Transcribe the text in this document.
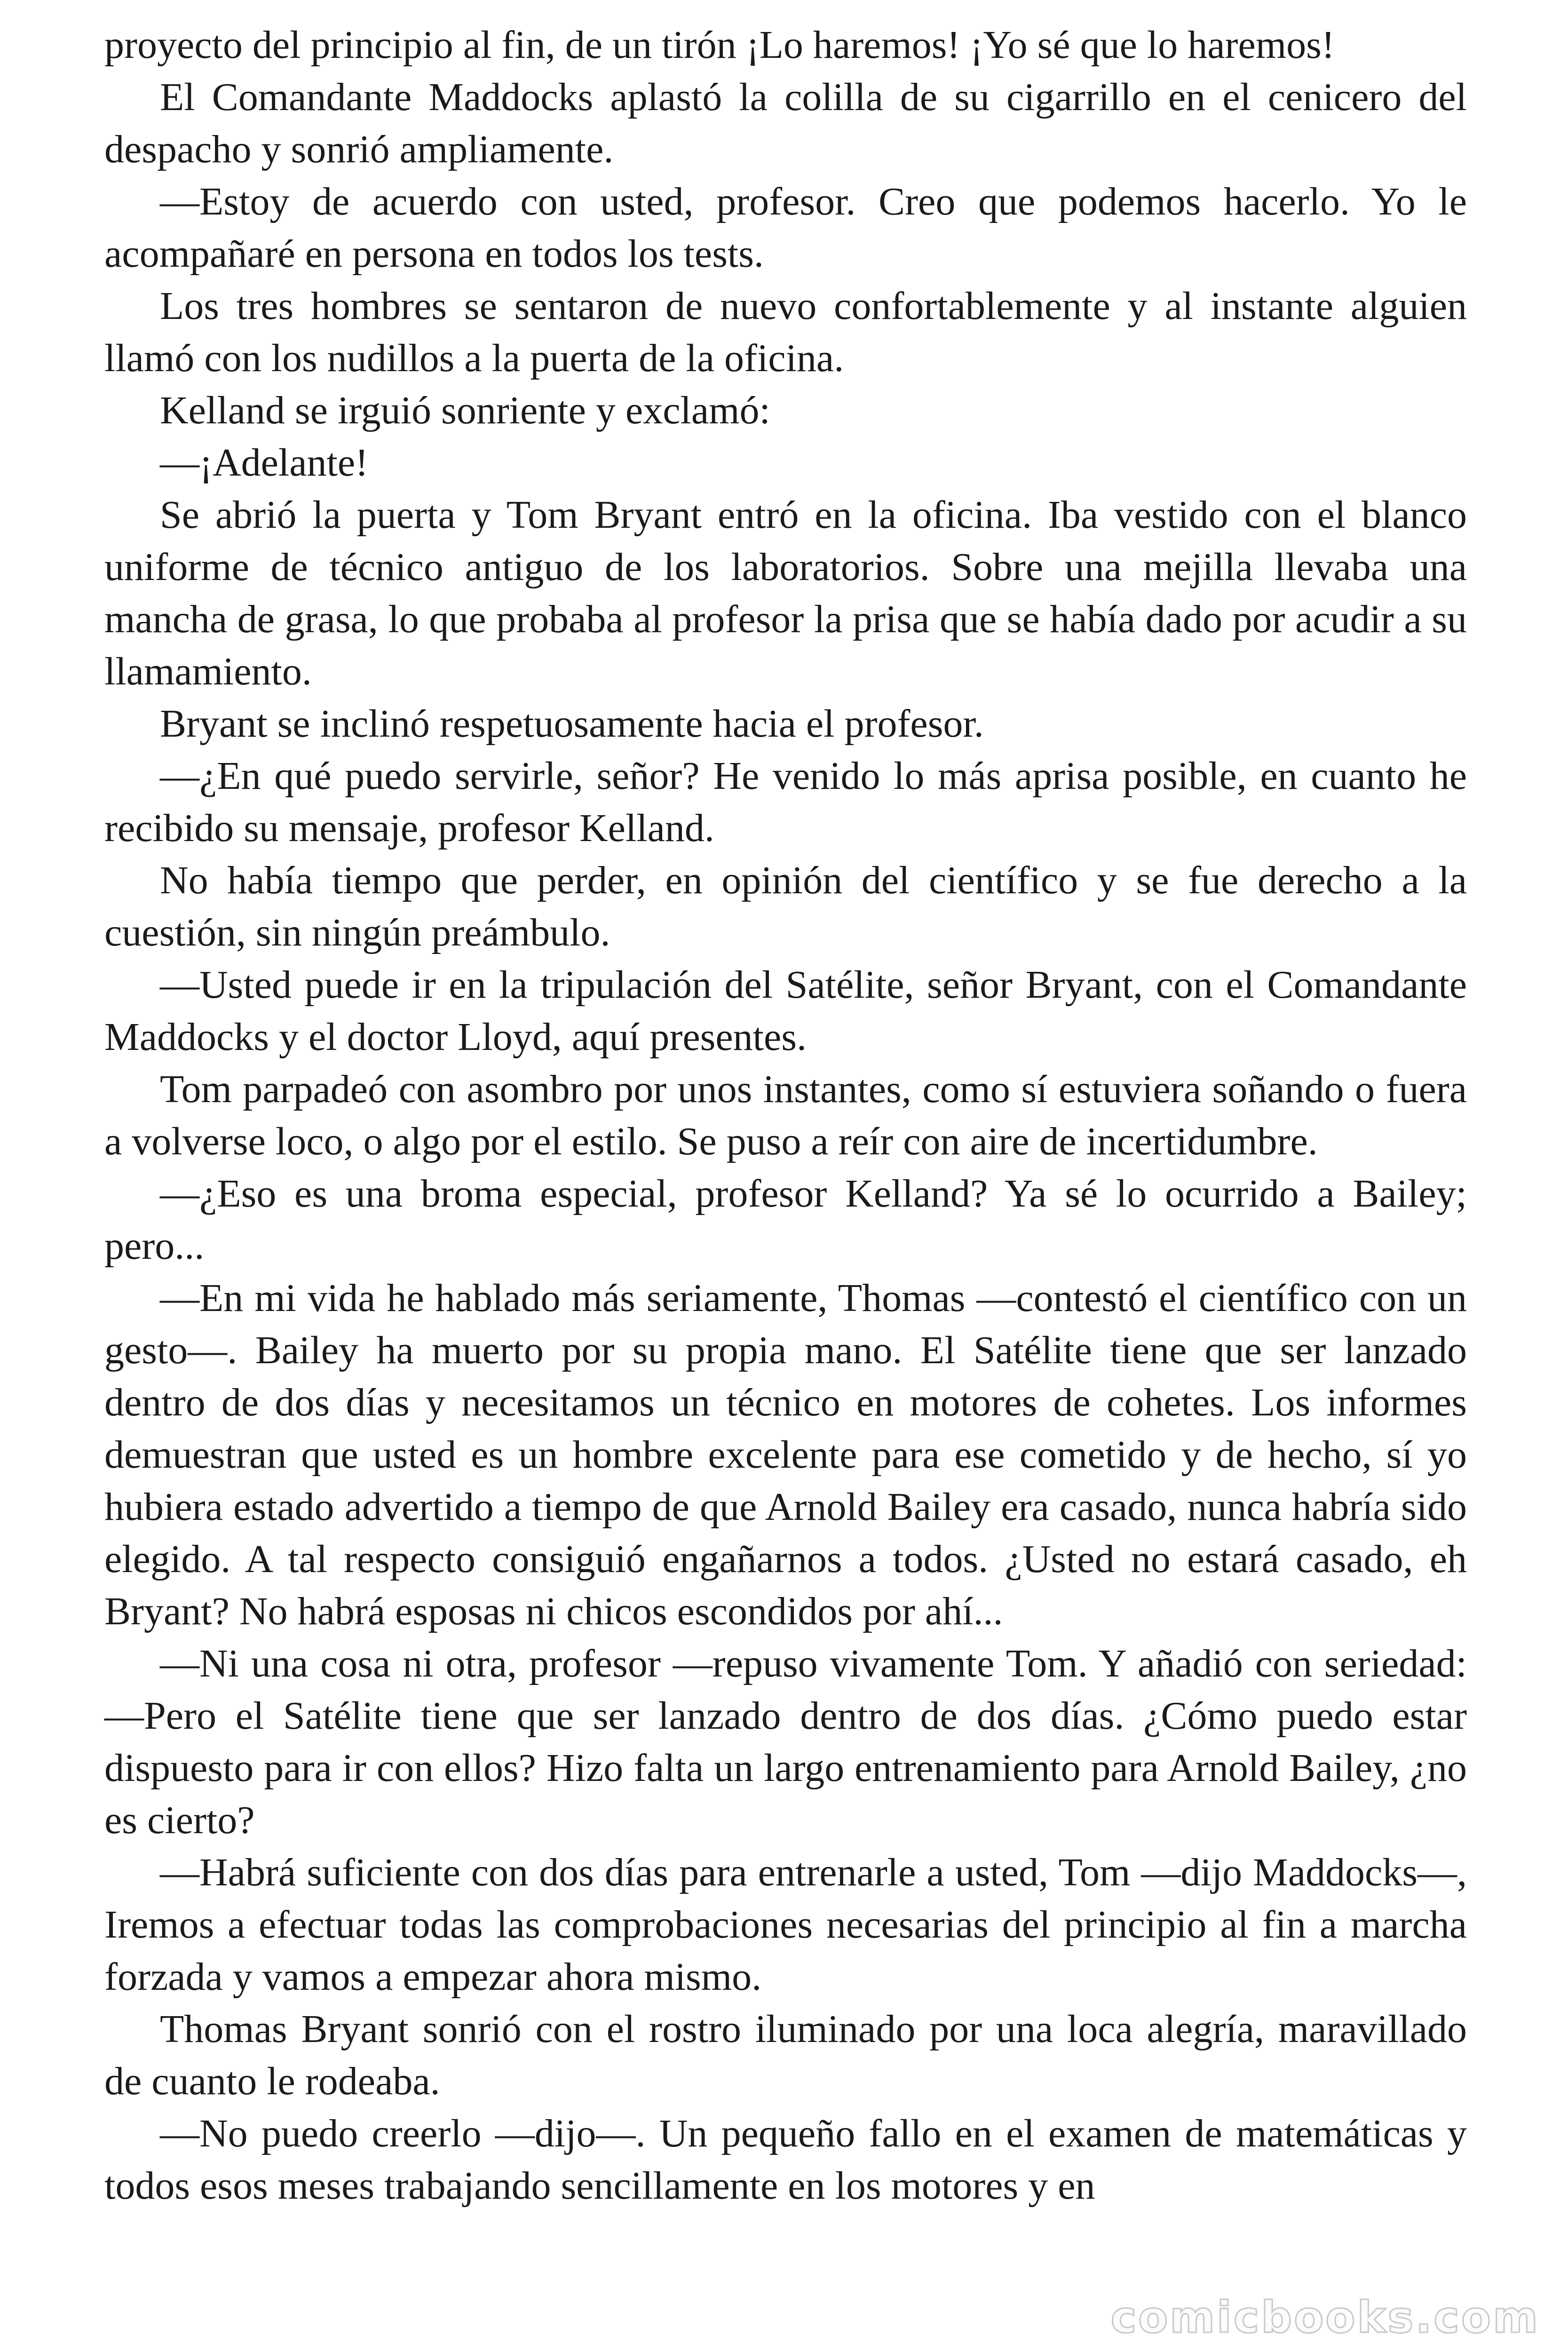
proyecto del principio al fin, de un tirón ¡Lo haremos! ¡Yo sé que lo haremos!

El Comandante Maddocks aplastó la colilla de su cigarrillo en el cenicero del despacho y sonrió ampliamente.

—Estoy de acuerdo con usted, profesor. Creo que podemos hacerlo. Yo le acompañaré en persona en todos los tests.

Los tres hombres se sentaron de nuevo confortablemente y al instante alguien llamó con los nudillos a la puerta de la oficina.

Kelland se irguió sonriente y exclamó:

—¡Adelante!

Se abrió la puerta y Tom Bryant entró en la oficina. Iba vestido con el blanco uniforme de técnico antiguo de los laboratorios. Sobre una mejilla llevaba una mancha de grasa, lo que probaba al profesor la prisa que se había dado por acudir a su llamamiento.

Bryant se inclinó respetuosamente hacia el profesor.

—¿En qué puedo servirle, señor? He venido lo más aprisa posible, en cuanto he recibido su mensaje, profesor Kelland.

No había tiempo que perder, en opinión del científico y se fue derecho a la cuestión, sin ningún preámbulo.

—Usted puede ir en la tripulación del Satélite, señor Bryant, con el Comandante Maddocks y el doctor Lloyd, aquí presentes.

Tom parpadeó con asombro por unos instantes, como sí estuviera soñando o fuera a volverse loco, o algo por el estilo. Se puso a reír con aire de incertidumbre.

—¿Eso es una broma especial, profesor Kelland? Ya sé lo ocurrido a Bailey; pero...

—En mi vida he hablado más seriamente, Thomas —contestó el científico con un gesto—. Bailey ha muerto por su propia mano. El Satélite tiene que ser lanzado dentro de dos días y necesitamos un técnico en motores de cohetes. Los informes demuestran que usted es un hombre excelente para ese cometido y de hecho, sí yo hubiera estado advertido a tiempo de que Arnold Bailey era casado, nunca habría sido elegido. A tal respecto consiguió engañarnos a todos. ¿Usted no estará casado, eh Bryant? No habrá esposas ni chicos escondidos por ahí...

—Ni una cosa ni otra, profesor —repuso vivamente Tom. Y añadió con seriedad: —Pero el Satélite tiene que ser lanzado dentro de dos días. ¿Cómo puedo estar dispuesto para ir con ellos? Hizo falta un largo entrenamiento para Arnold Bailey, ¿no es cierto?

—Habrá suficiente con dos días para entrenarle a usted, Tom —dijo Maddocks—, Iremos a efectuar todas las comprobaciones necesarias del principio al fin a marcha forzada y vamos a empezar ahora mismo.

Thomas Bryant sonrió con el rostro iluminado por una loca alegría, maravillado de cuanto le rodeaba.

—No puedo creerlo —dijo—. Un pequeño fallo en el examen de matemáticas y todos esos meses trabajando sencillamente en los motores y en

comicbooks.com
